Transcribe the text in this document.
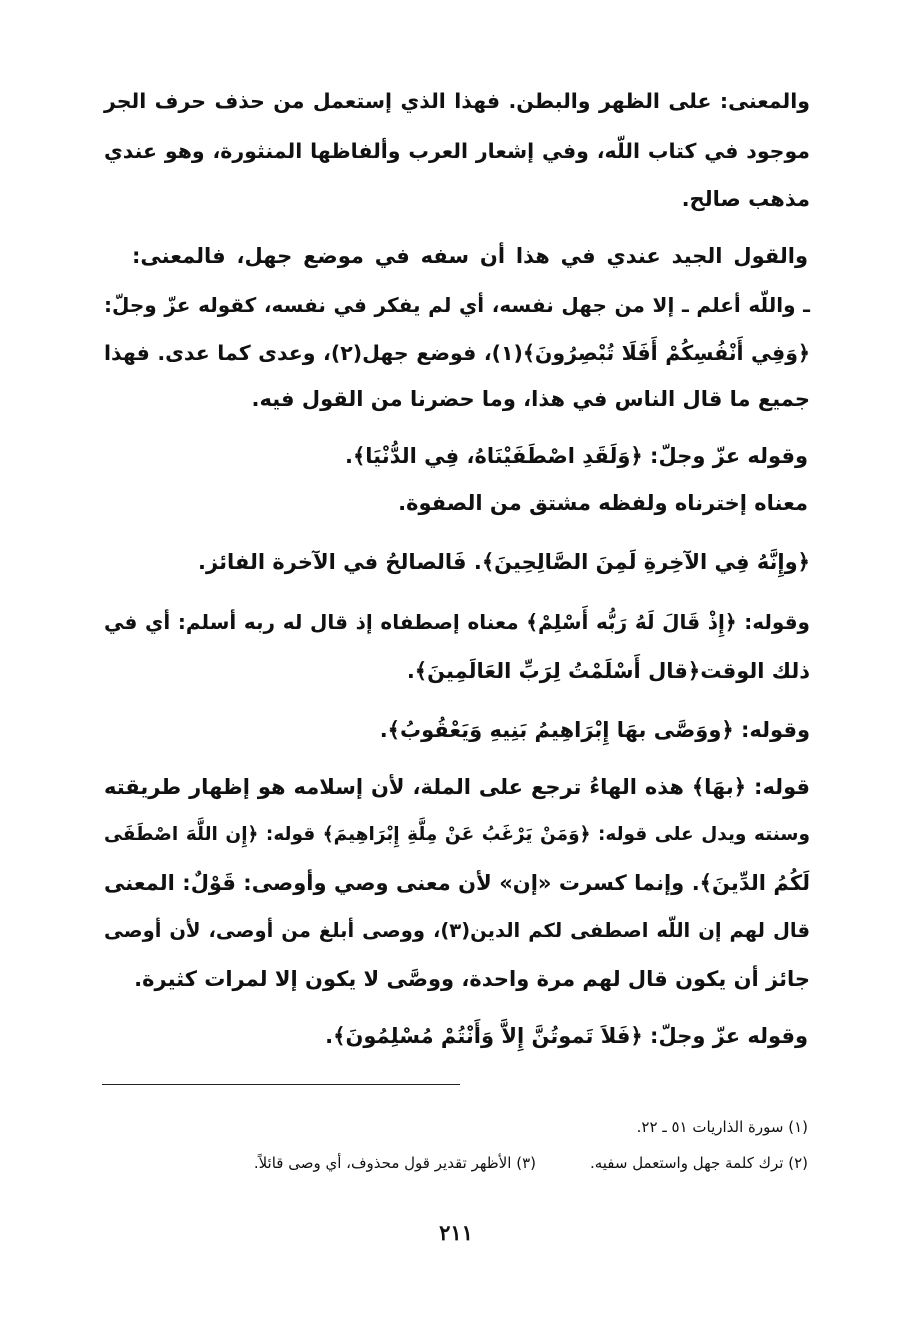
والمعنى: على الظهر والبطن. فهذا الذي إستعمل من حذف حرف الجر
موجود في كتاب اللّه، وفي إشعار العرب وألفاظها المنثورة، وهو عندي
مذهب صالح.
والقول الجيد عندي في هذا أن سفه في موضع جهل، فالمعنى:
ـ واللّه أعلم ـ إلا من جهل نفسه، أي لم يفكر في نفسه، كقوله عزّ وجلّ:
﴿وَفِي أَنْفُسِكُمْ أَفَلَا تُبْصِرُونَ﴾(١)، فوضع جهل(٢)، وعدى كما عدى. فهذا
جميع ما قال الناس في هذا، وما حضرنا من القول فيه.
وقوله عزّ وجلّ: ﴿وَلَقَدِ اصْطَفَيْنَاهُ، فِي الدُّنْيَا﴾.
معناه إخترناه ولفظه مشتق من الصفوة.
﴿وإِنَّهُ فِي الآخِرةِ لَمِنَ الصَّالِحِينَ﴾. فَالصالحُ في الآخرة الفائز.
وقوله: ﴿إِذْ قَالَ لَهُ رَبُّه أَسْلِمْ﴾ معناه إصطفاه إذ قال له ربه أسلم: أي في
ذلك الوقت﴿قال أَسْلَمْتُ لِرَبِّ العَالَمِينَ﴾.
وقوله: ﴿ووَصَّى بهَا إِبْرَاهِيمُ بَنِيهِ وَيَعْقُوبُ﴾.
قوله: ﴿بهَا﴾ هذه الهاءُ ترجع على الملة، لأن إسلامه هو إظهار طريقته
وسنته ويدل على قوله: ﴿وَمَنْ يَرْغَبُ عَنْ مِلَّةِ إِبْرَاهِيمَ﴾ قوله: ﴿إِن اللَّهَ اصْطَفَى
لَكُمُ الدِّينَ﴾. وإنما كسرت «إن» لأن معنى وصي وأوصى: قَوْلٌ: المعنى
قال لهم إن اللّه اصطفى لكم الدين(٣)، ووصى أبلغ من أوصى، لأن أوصى
جائز أن يكون قال لهم مرة واحدة، ووصَّى لا يكون إلا لمرات كثيرة.
وقوله عزّ وجلّ: ﴿فَلاَ تَموتُنَّ إِلاَّ وَأَنْتُمْ مُسْلِمُونَ﴾.
(١) سورة الذاريات ٥١ ـ ٢٢.
(٢) ترك كلمة جهل واستعمل سفيه.
(٣) الأظهر تقدير قول محذوف، أي وصى قائلاً.
٢١١
